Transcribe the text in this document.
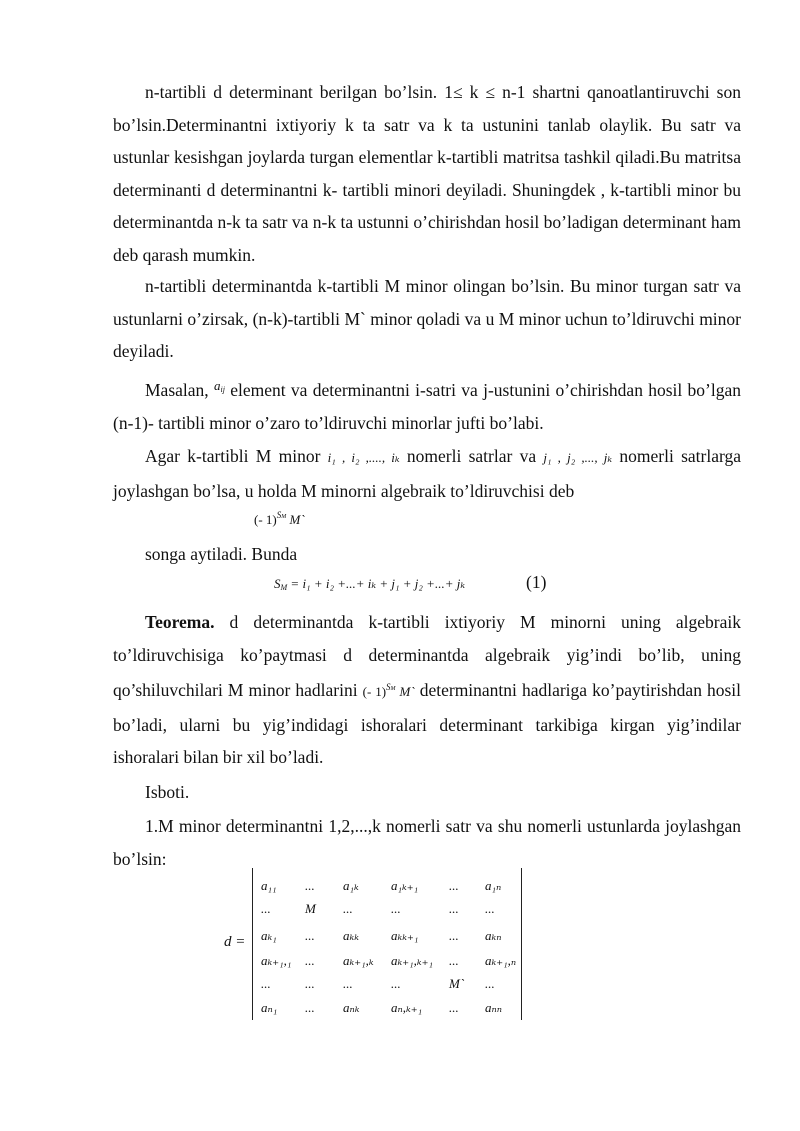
n-tartibli d determinant berilgan bo’lsin. 1≤ k ≤ n-1 shartni qanoatlantiruvchi son bo’lsin.Determinantni ixtiyoriy k ta satr va k ta ustunini tanlab olaylik. Bu satr va ustunlar kesishgan joylarda turgan elementlar k-tartibli matritsa tashkil qiladi.Bu matritsa determinanti d determinantni k- tartibli minori deyiladi. Shuningdek , k-tartibli minor bu determinantda n-k ta satr va n-k ta ustunni o’chirishdan hosil bo’ladigan determinant ham deb qarash mumkin.

n-tartibli determinantda k-tartibli M minor olingan bo’lsin. Bu minor turgan satr va ustunlarni o’zirsak, (n-k)-tartibli M` minor qoladi va u M minor uchun to’ldiruvchi minor deyiladi.

Masalan, $^{a_{ij}}$ element va determinantni i-satri va j-ustunini o’chirishdan hosil bo’lgan (n-1)- tartibli minor o’zaro to’ldiruvchi minorlar jufti bo’labi.

Agar k-tartibli M minor i₁ , i₂ ,...., iₖ nomerli satrlar va j₁ , j₂ ,..., jₖ nomerli satrlarga joylashgan bo’lsa, u holda M minorni algebraik to’ldiruvchisi deb

(- 1)℠ M`

songa aytiladi. Bunda

$S_M = i_1 + i_2$ +...+ iₖ + j₁ + j₂ +...+ jₖ	(1)

Teorema. d determinantda k-tartibli ixtiyoriy M minorni uning algebraik to’ldiruvchisiga ko’paytmasi d determinantda algebraik yig’indi bo’lib, uning qo’shiluvchilari M minor hadlarini (- 1)℠ M` determinantni hadlariga ko’paytirishdan hosil bo’ladi, ularni bu yig’indidagi ishoralari determinant tarkibiga kirgan yig’indilar ishoralari bilan bir xil bo’ladi.

Isboti.

1.M minor determinantni 1,2,...,k nomerli satr va shu nomerli ustunlarda joylashgan bo’lsin:

d =
a₁₁ ... a₁ₖ a₁ₖ₊₁ ... a₁ₙ
...	M ...	...	... ...
aₖ₁ ... aₖₖ aₖₖ₊₁ ... aₖₙ
aₖ₊₁,₁ ... aₖ₊₁,ₖ aₖ₊₁,ₖ₊₁ ... aₖ₊₁,ₙ
...	... ...	...	M` ...
aₙ₁ ... aₙₖ aₙ,ₖ₊₁ ... aₙₙ
